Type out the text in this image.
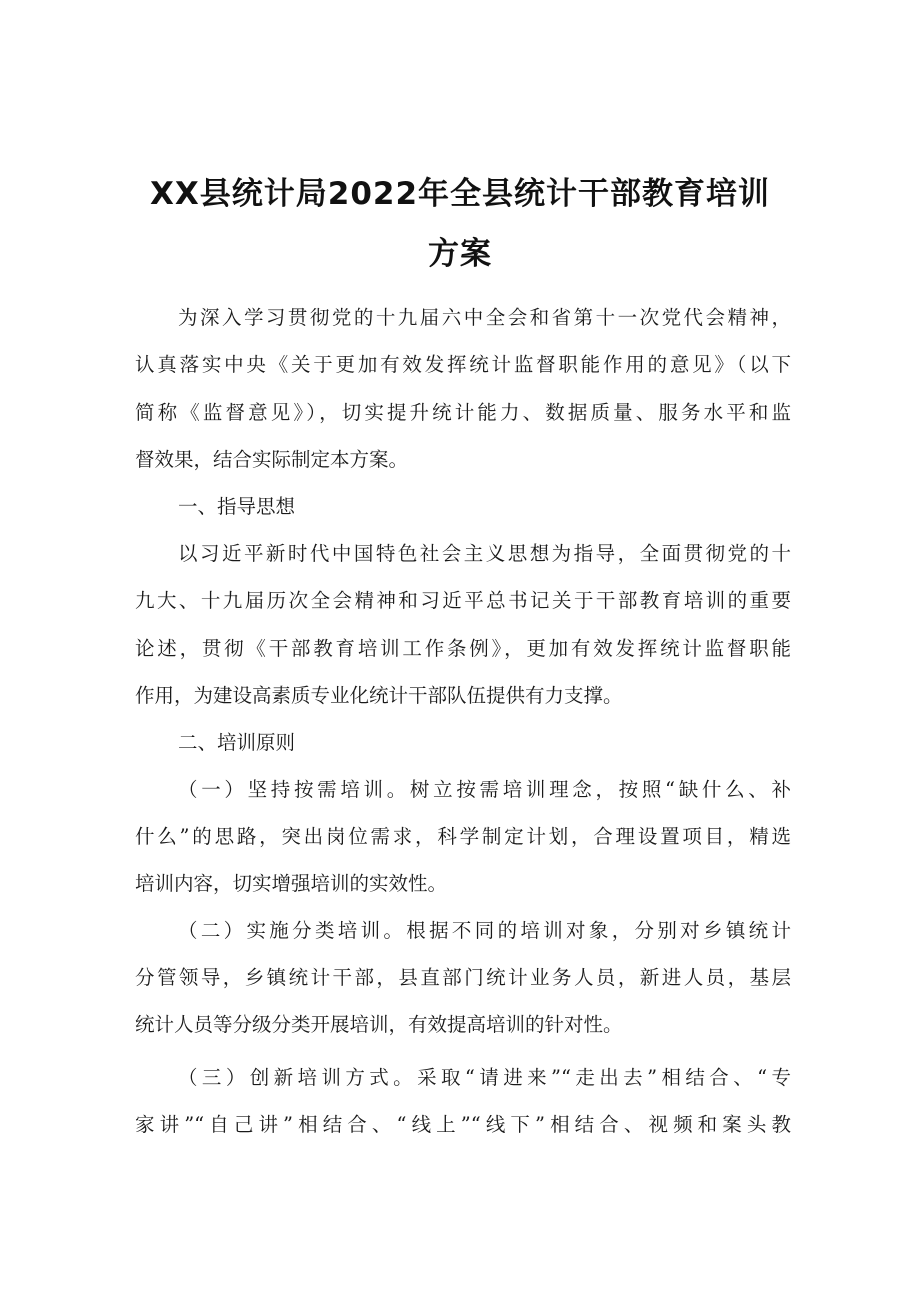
XX县统计局2022年全县统计干部教育培训
方案

为深入学习贯彻党的十九届六中全会和省第十一次党代会精神，

认真落实中央《关于更加有效发挥统计监督职能作用的意见》（以下

简称《监督意见》），切实提升统计能力、数据质量、服务水平和监

督效果，结合实际制定本方案。

一、指导思想

以习近平新时代中国特色社会主义思想为指导，全面贯彻党的十

九大、十九届历次全会精神和习近平总书记关于干部教育培训的重要

论述，贯彻《干部教育培训工作条例》，更加有效发挥统计监督职能

作用，为建设高素质专业化统计干部队伍提供有力支撑。

二、培训原则

（一）坚持按需培训。树立按需培训理念，按照“缺什么、补

什么”的思路，突出岗位需求，科学制定计划，合理设置项目，精选

培训内容，切实增强培训的实效性。

（二）实施分类培训。根据不同的培训对象，分别对乡镇统计

分管领导，乡镇统计干部，县直部门统计业务人员，新进人员，基层

统计人员等分级分类开展培训，有效提高培训的针对性。

（三）创新培训方式。采取“请进来”“走出去”相结合、“专

家讲”“自己讲”相结合、“线上”“线下”相结合、视频和案头教
